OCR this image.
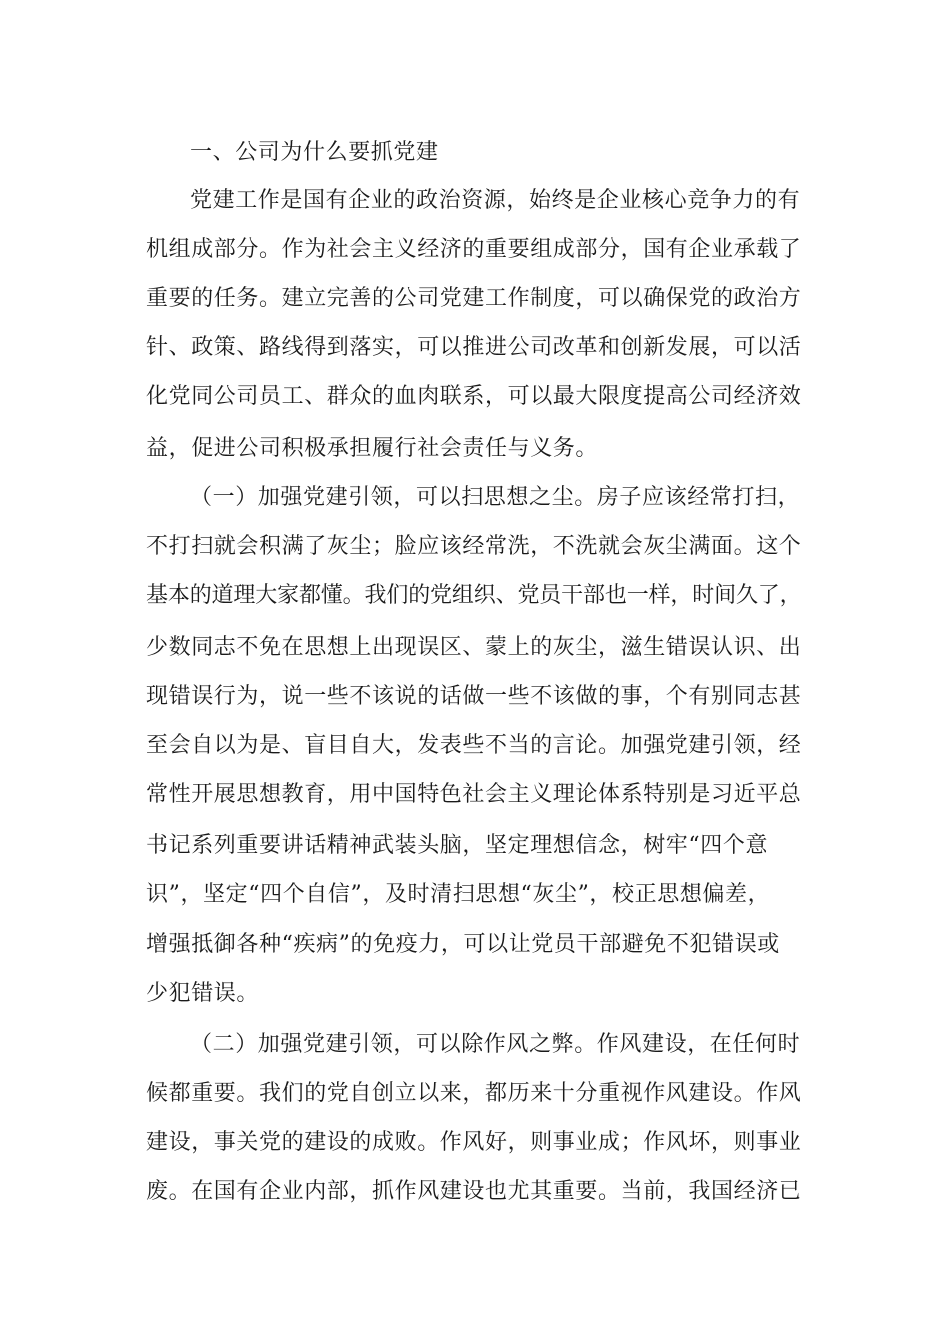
一、公司为什么要抓党建
党建工作是国有企业的政治资源，始终是企业核心竞争力的有
机组成部分。作为社会主义经济的重要组成部分，国有企业承载了
重要的任务。建立完善的公司党建工作制度，可以确保党的政治方
针、政策、路线得到落实，可以推进公司改革和创新发展，可以活
化党同公司员工、群众的血肉联系，可以最大限度提高公司经济效
益，促进公司积极承担履行社会责任与义务。
（一）加强党建引领，可以扫思想之尘。房子应该经常打扫，
不打扫就会积满了灰尘；脸应该经常洗，不洗就会灰尘满面。这个
基本的道理大家都懂。我们的党组织、党员干部也一样，时间久了，
少数同志不免在思想上出现误区、蒙上的灰尘，滋生错误认识、出
现错误行为，说一些不该说的话做一些不该做的事，个有别同志甚
至会自以为是、盲目自大，发表些不当的言论。加强党建引领，经
常性开展思想教育，用中国特色社会主义理论体系特别是习近平总
书记系列重要讲话精神武装头脑，坚定理想信念，树牢“四个意
识”，坚定“四个自信”，及时清扫思想“灰尘”，校正思想偏差，
增强抵御各种“疾病”的免疫力，可以让党员干部避免不犯错误或
少犯错误。
（二）加强党建引领，可以除作风之弊。作风建设，在任何时
候都重要。我们的党自创立以来，都历来十分重视作风建设。作风
建设，事关党的建设的成败。作风好，则事业成；作风坏，则事业
废。在国有企业内部，抓作风建设也尤其重要。当前，我国经济已
